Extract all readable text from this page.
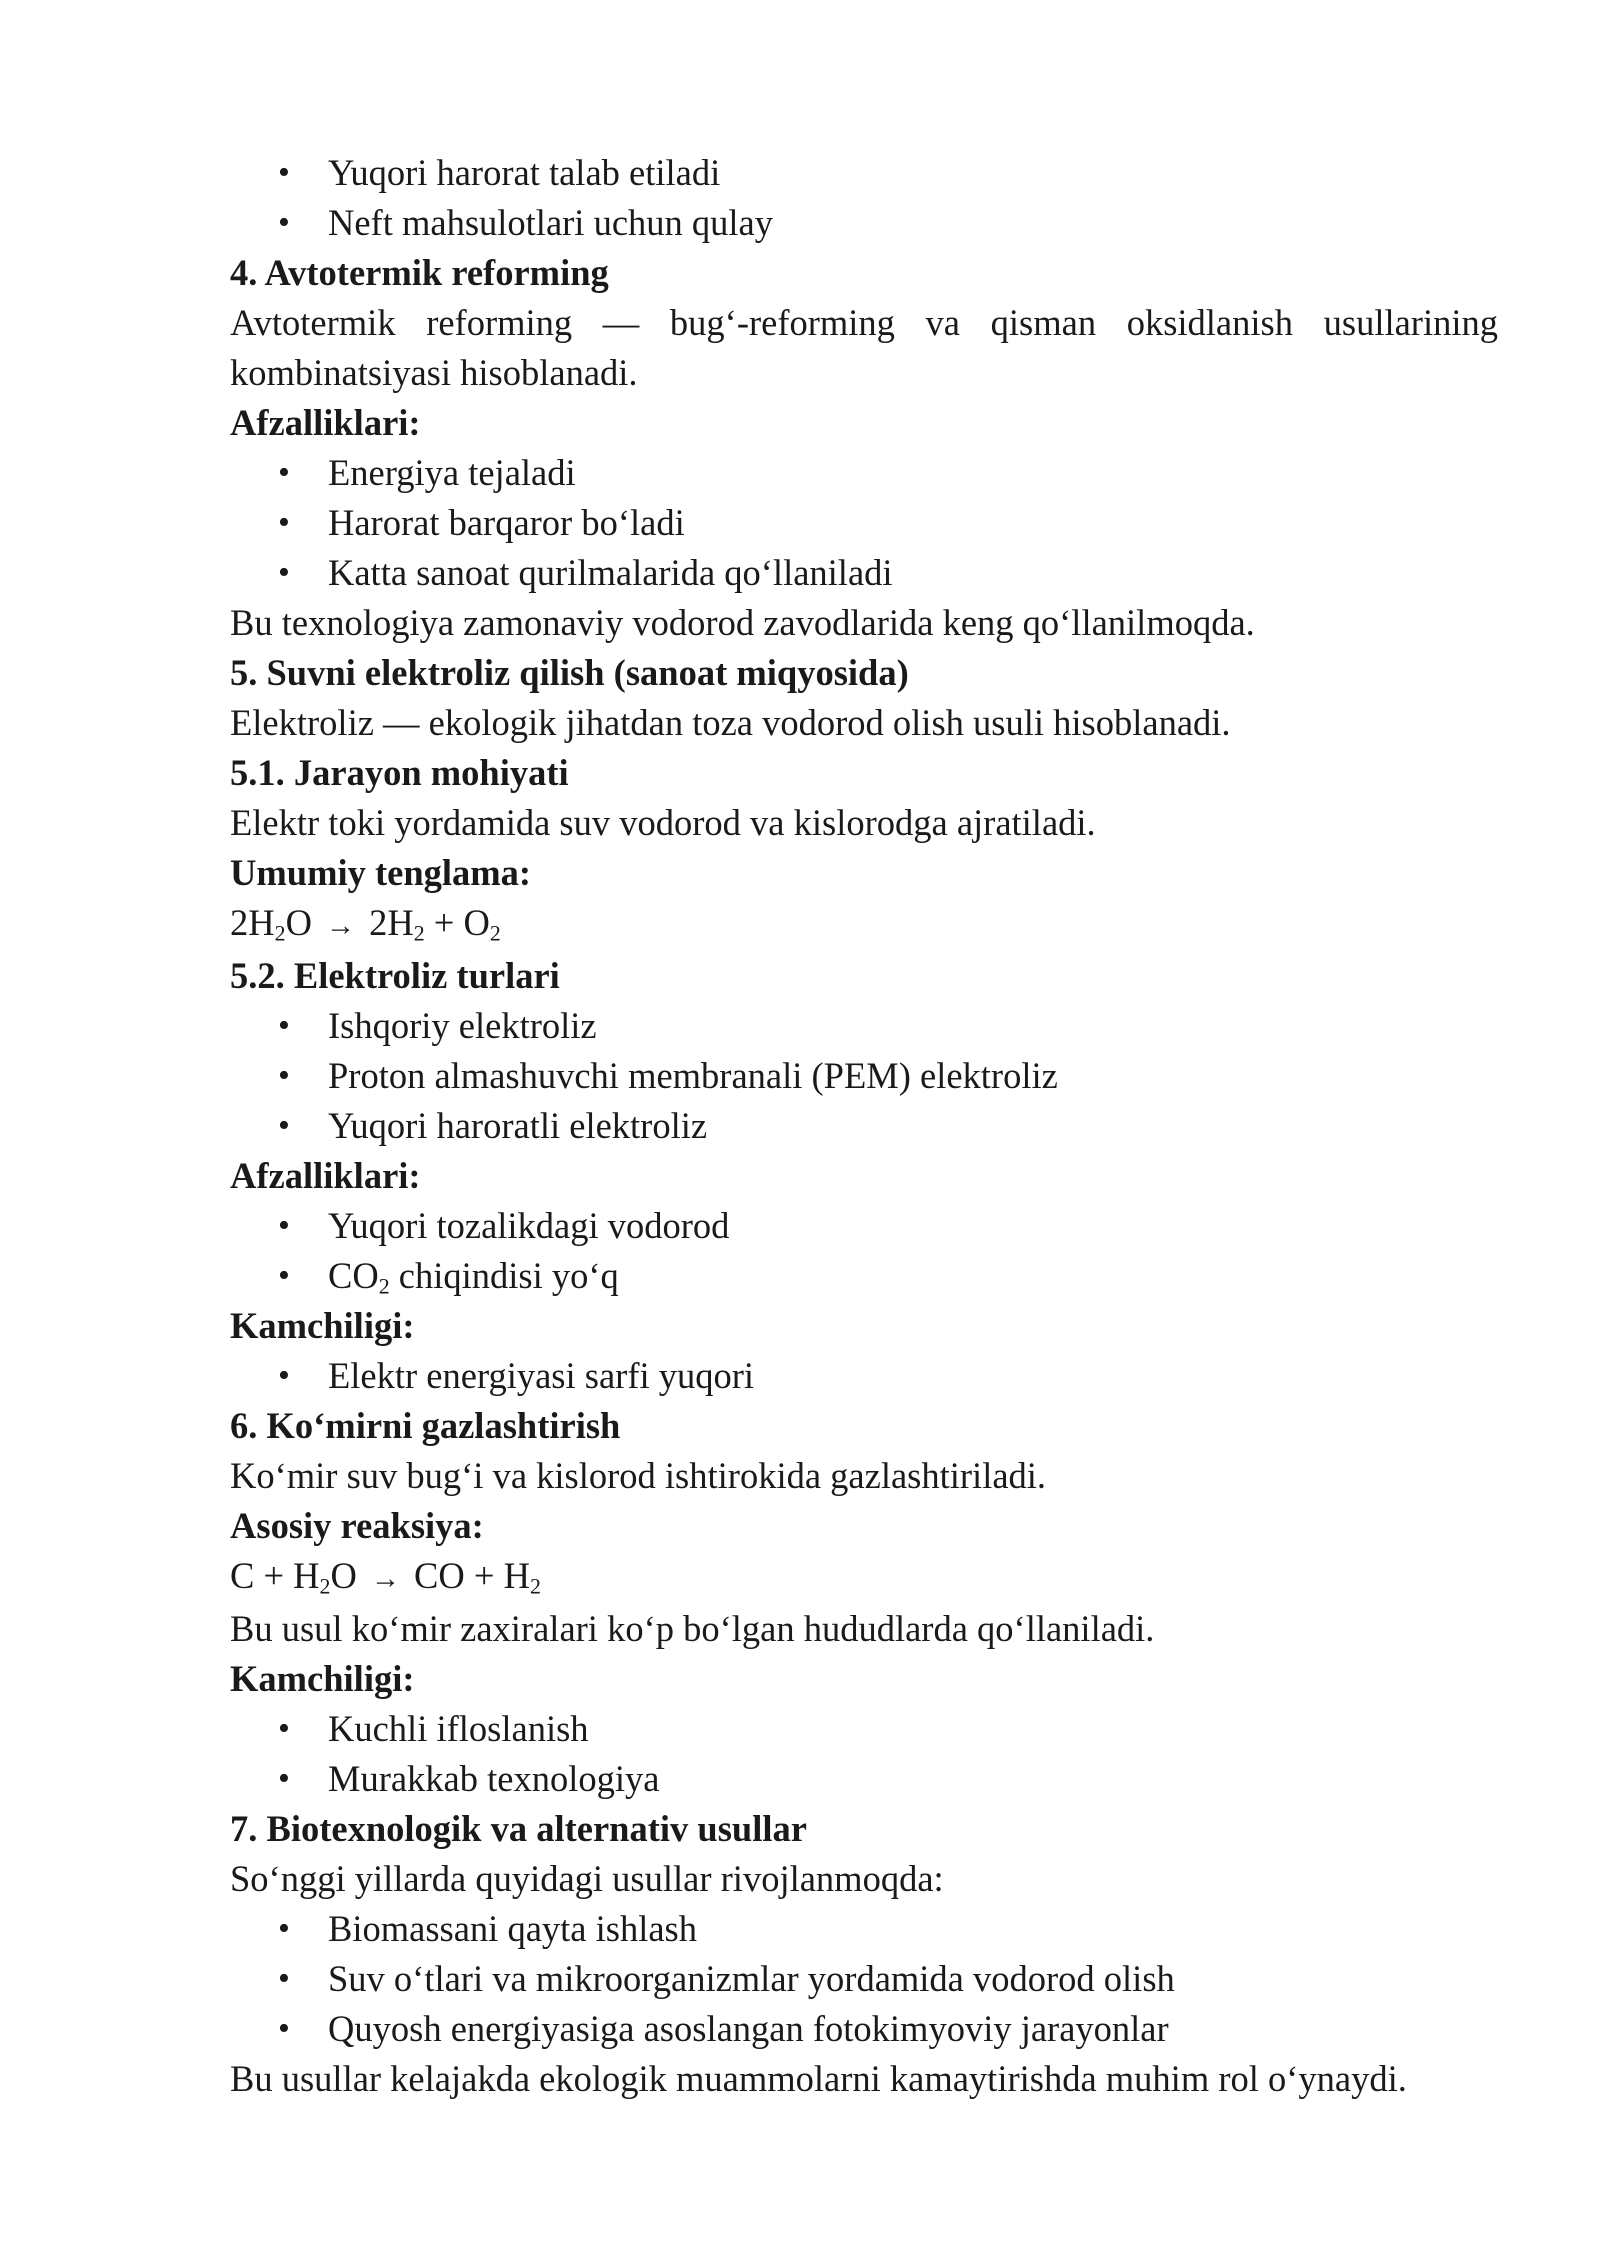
• Yuqori harorat talab etiladi
• Neft mahsulotlari uchun qulay

4. Avtotermik reforming

Avtotermik reforming — bug‘-reforming va qisman oksidlanish usullarining kombinatsiyasi hisoblanadi.

Afzalliklari:

• Energiya tejaladi
• Harorat barqaror bo‘ladi
• Katta sanoat qurilmalarida qo‘llaniladi

Bu texnologiya zamonaviy vodorod zavodlarida keng qo‘llanilmoqda.

5. Suvni elektroliz qilish (sanoat miqyosida)

Elektroliz — ekologik jihatdan toza vodorod olish usuli hisoblanadi.

5.1. Jarayon mohiyati

Elektr toki yordamida suv vodorod va kislorodga ajratiladi.

Umumiy tenglama:

$2H_2O \to 2H_2 + O_2$

5.2. Elektroliz turlari

• Ishqoriy elektroliz
• Proton almashuvchi membranali (PEM) elektroliz
• Yuqori haroratli elektroliz

Afzalliklari:

• Yuqori tozalikdagi vodorod
• $CO_2$ chiqindisi yo‘q

Kamchiligi:

• Elektr energiyasi sarfi yuqori

6. Ko‘mirni gazlashtirish

Ko‘mir suv bug‘i va kislorod ishtirokida gazlashtiriladi.

Asosiy reaksiya:

$C + H_2O$ → CO + $H_2$

Bu usul ko‘mir zaxiralari ko‘p bo‘lgan hududlarda qo‘llaniladi.

Kamchiligi:

• Kuchli ifloslanish
• Murakkab texnologiya

7. Biotexnologik va alternativ usullar

So‘nggi yillarda quyidagi usullar rivojlanmoqda:

• Biomassani qayta ishlash
• Suv o‘tlari va mikroorganizmlar yordamida vodorod olish
• Quyosh energiyasiga asoslangan fotokimyoviy jarayonlar

Bu usullar kelajakda ekologik muammolarni kamaytirishda muhim rol o‘ynaydi.
